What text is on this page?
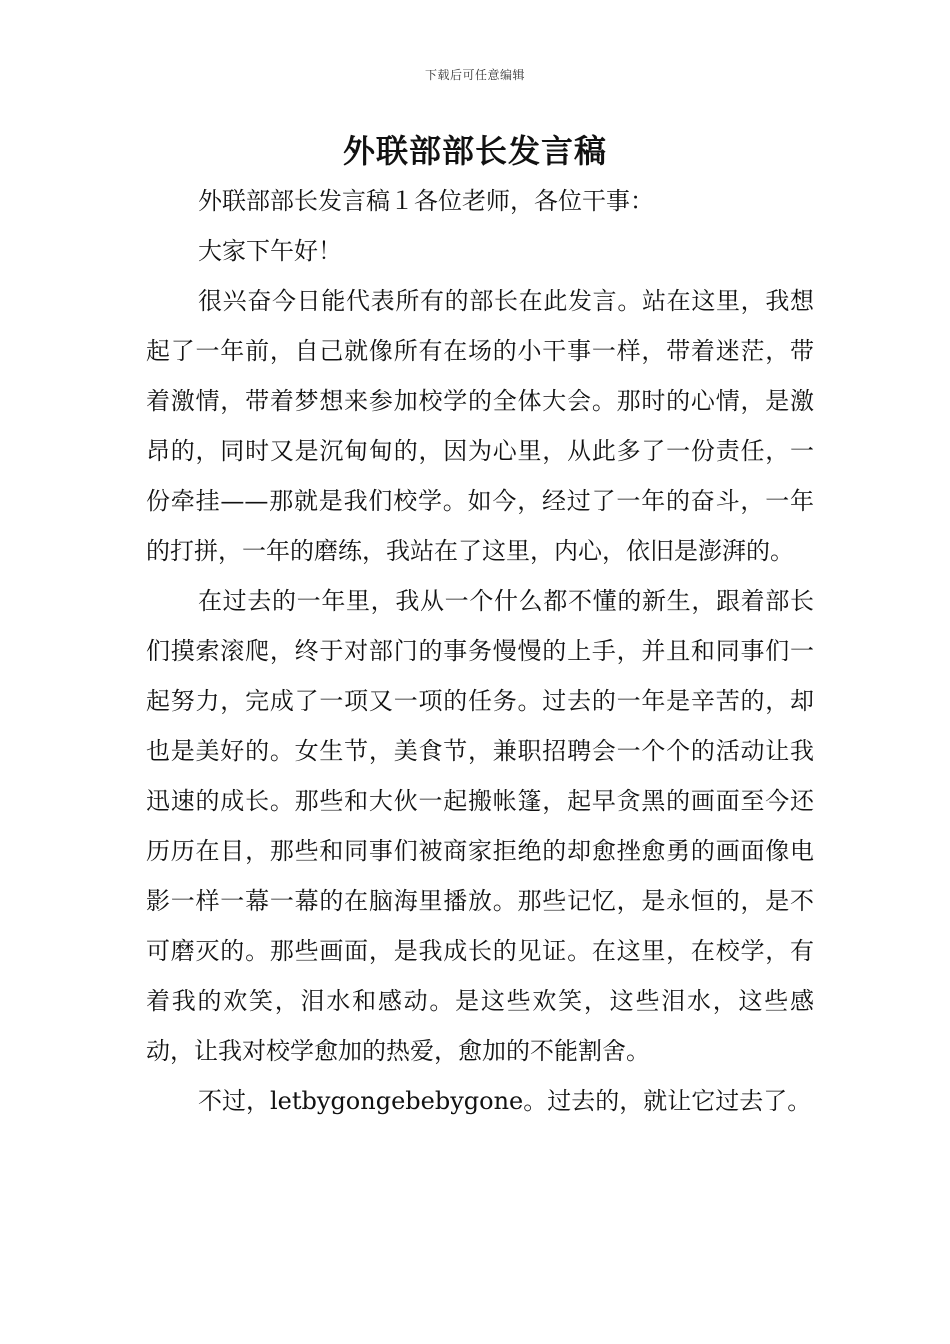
下载后可任意编辑
外联部部长发言稿

外联部部长发言稿１各位老师，各位干事：

大家下午好！

很兴奋今日能代表所有的部长在此发言。站在这里，我想起了一年前，自己就像所有在场的小干事一样，带着迷茫，带着激情，带着梦想来参加校学的全体大会。那时的心情，是激昂的，同时又是沉甸甸的，因为心里，从此多了一份责任，一份牵挂——那就是我们校学。如今，经过了一年的奋斗，一年的打拼，一年的磨练，我站在了这里，内心，依旧是澎湃的。

在过去的一年里，我从一个什么都不懂的新生，跟着部长们摸索滚爬，终于对部门的事务慢慢的上手，并且和同事们一起努力，完成了一项又一项的任务。过去的一年是辛苦的，却也是美好的。女生节，美食节，兼职招聘会一个个的活动让我迅速的成长。那些和大伙一起搬帐篷，起早贪黑的画面至今还历历在目，那些和同事们被商家拒绝的却愈挫愈勇的画面像电影一样一幕一幕的在脑海里播放。那些记忆，是永恒的，是不可磨灭的。那些画面，是我成长的见证。在这里，在校学，有着我的欢笑，泪水和感动。是这些欢笑，这些泪水，这些感动，让我对校学愈加的热爱，愈加的不能割舍。

不过，letbygongebebygone。过去的，就让它过去了。
